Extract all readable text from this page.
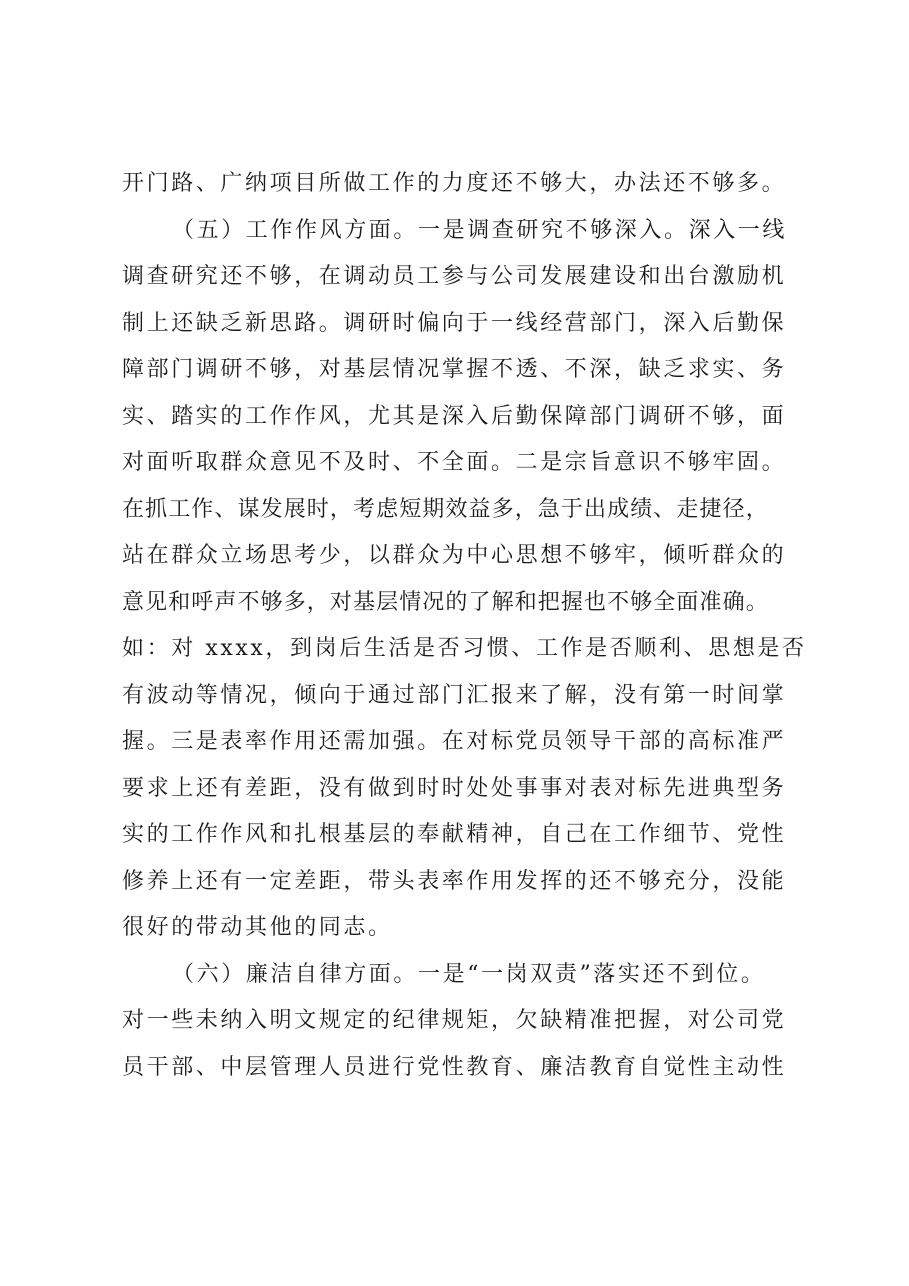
开门路、广纳项目所做工作的力度还不够大，办法还不够多。
（五）工作作风方面。一是调查研究不够深入。深入一线
调查研究还不够，在调动员工参与公司发展建设和出台激励机
制上还缺乏新思路。调研时偏向于一线经营部门，深入后勤保
障部门调研不够，对基层情况掌握不透、不深，缺乏求实、务
实、踏实的工作作风，尤其是深入后勤保障部门调研不够，面
对面听取群众意见不及时、不全面。二是宗旨意识不够牢固。
在抓工作、谋发展时，考虑短期效益多，急于出成绩、走捷径，
站在群众立场思考少，以群众为中心思想不够牢，倾听群众的
意见和呼声不够多，对基层情况的了解和把握也不够全面准确。
如：对 xxxx，到岗后生活是否习惯、工作是否顺利、思想是否
有波动等情况，倾向于通过部门汇报来了解，没有第一时间掌
握。三是表率作用还需加强。在对标党员领导干部的高标准严
要求上还有差距，没有做到时时处处事事对表对标先进典型务
实的工作作风和扎根基层的奉献精神，自己在工作细节、党性
修养上还有一定差距，带头表率作用发挥的还不够充分，没能
很好的带动其他的同志。
（六）廉洁自律方面。一是“一岗双责”落实还不到位。
对一些未纳入明文规定的纪律规矩，欠缺精准把握，对公司党
员干部、中层管理人员进行党性教育、廉洁教育自觉性主动性
